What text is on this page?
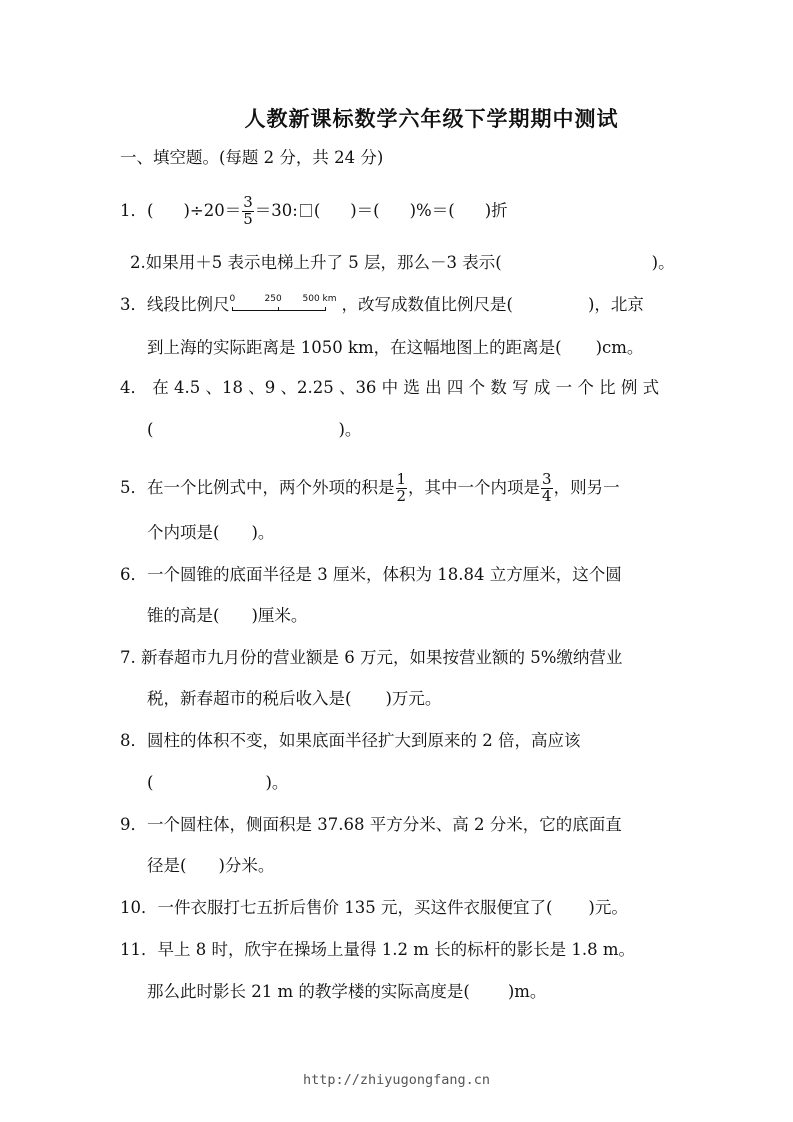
人教新课标数学六年级下学期期中测试
一、填空题。(每题 2 分，共 24 分)
1．( )$\div 20= \frac{3}{5} =30$: ( )＝( )%＝( )折
2.如果用＋5 表示电梯上升了 5 层，那么－3 表示(	)。
3．线段比例尺 0	250 500 km ，改写成数值比例尺是(	)，北京
到上海的实际距离是 1050 km，在这幅地图上的距离是( )cm。
4． 在 4.5 、18 、9 、2.25 、36 中 选 出 四 个 数 写 成 一 个 比 例 式
(	)。
5．在一个比例式中，两个外项的积是 $\frac{1}{2}$ ，其中一个内项是 $\frac{3}{4}$ ，则另一
个内项是( )。
6．一个圆锥的底面半径是 3 厘米，体积为 18.84 立方厘米，这个圆
锥的高是( )厘米。
7. 新春超市九月份的营业额是 6 万元，如果按营业额的 5%缴纳营业
税，新春超市的税后收入是( )万元。
8．圆柱的体积不变，如果底面半径扩大到原来的 2 倍，高应该
(	)。
9．一个圆柱体，侧面积是 37.68 平方分米、高 2 分米，它的底面直
径是( )分米。
10．一件衣服打七五折后售价 135 元，买这件衣服便宜了( )元。
11．早上 8 时，欣宇在操场上量得 1.2 m 长的标杆的影长是 1.8 m。
那么此时影长 21 m 的教学楼的实际高度是( )m。
http://zhiyugongfang.cn
